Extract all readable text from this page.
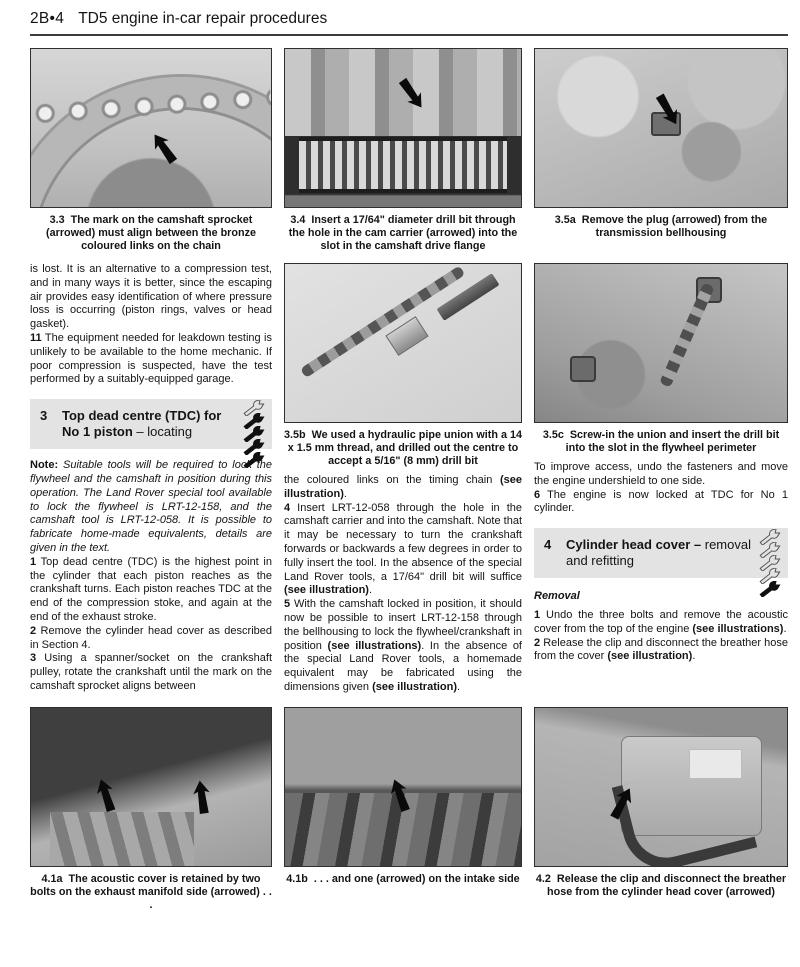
2B•4 TD5 engine in-car repair procedures
3.3  The mark on the camshaft sprocket (arrowed) must align between the bronze coloured links on the chain
3.4  Insert a 17/64" diameter drill bit through the hole in the cam carrier (arrowed) into the slot in the camshaft drive flange
3.5a  Remove the plug (arrowed) from the transmission bellhousing

is lost. It is an alternative to a compression test, and in many ways it is better, since the escaping air provides easy identification of where pressure loss is occurring (piston rings, valves or head gasket).

11 The equipment needed for leakdown testing is unlikely to be available to the home mechanic. If poor compression is suspected, have the test performed by a suitably-equipped garage.

3 Top dead centre (TDC) for No 1 piston – locating

Note: Suitable tools will be required to lock the flywheel and the camshaft in position during this operation. The Land Rover special tool available to lock the flywheel is LRT-12-158, and the camshaft tool is LRT-12-058. It is possible to fabricate home-made equivalents, details are given in the text.

1 Top dead centre (TDC) is the highest point in the cylinder that each piston reaches as the crankshaft turns. Each piston reaches TDC at the end of the compression stoke, and again at the end of the exhaust stroke.

2 Remove the cylinder head cover as described in Section 4.

3 Using a spanner/socket on the crankshaft pulley, rotate the crankshaft until the mark on the camshaft sprocket aligns between

3.5b  We used a hydraulic pipe union with a 14 x 1.5 mm thread, and drilled out the centre to accept a 5/16" (8 mm) drill bit

the coloured links on the timing chain (see illustration).

4 Insert LRT-12-058 through the hole in the camshaft carrier and into the camshaft. Note that it may be necessary to turn the crankshaft forwards or backwards a few degrees in order to fully insert the tool. In the absence of the special Land Rover tools, a 17/64" drill bit will suffice (see illustration).

5 With the camshaft locked in position, it should now be possible to insert LRT-12-158 through the bellhousing to lock the flywheel/crankshaft in position (see illustrations). In the absence of the special Land Rover tools, a homemade equivalent may be fabricated using the dimensions given (see illustration).

3.5c  Screw-in the union and insert the drill bit into the slot in the flywheel perimeter

To improve access, undo the fasteners and move the engine undershield to one side.

6 The engine is now locked at TDC for No 1 cylinder.

4 Cylinder head cover – removal and refitting

Removal

1 Undo the three bolts and remove the acoustic cover from the top of the engine (see illustrations).

2 Release the clip and disconnect the breather hose from the cover (see illustration).

4.1a  The acoustic cover is retained by two bolts on the exhaust manifold side (arrowed) . . .
4.1b  . . . and one (arrowed) on the intake side 4.2  Release the clip and disconnect the breather hose from the cylinder head cover (arrowed)
